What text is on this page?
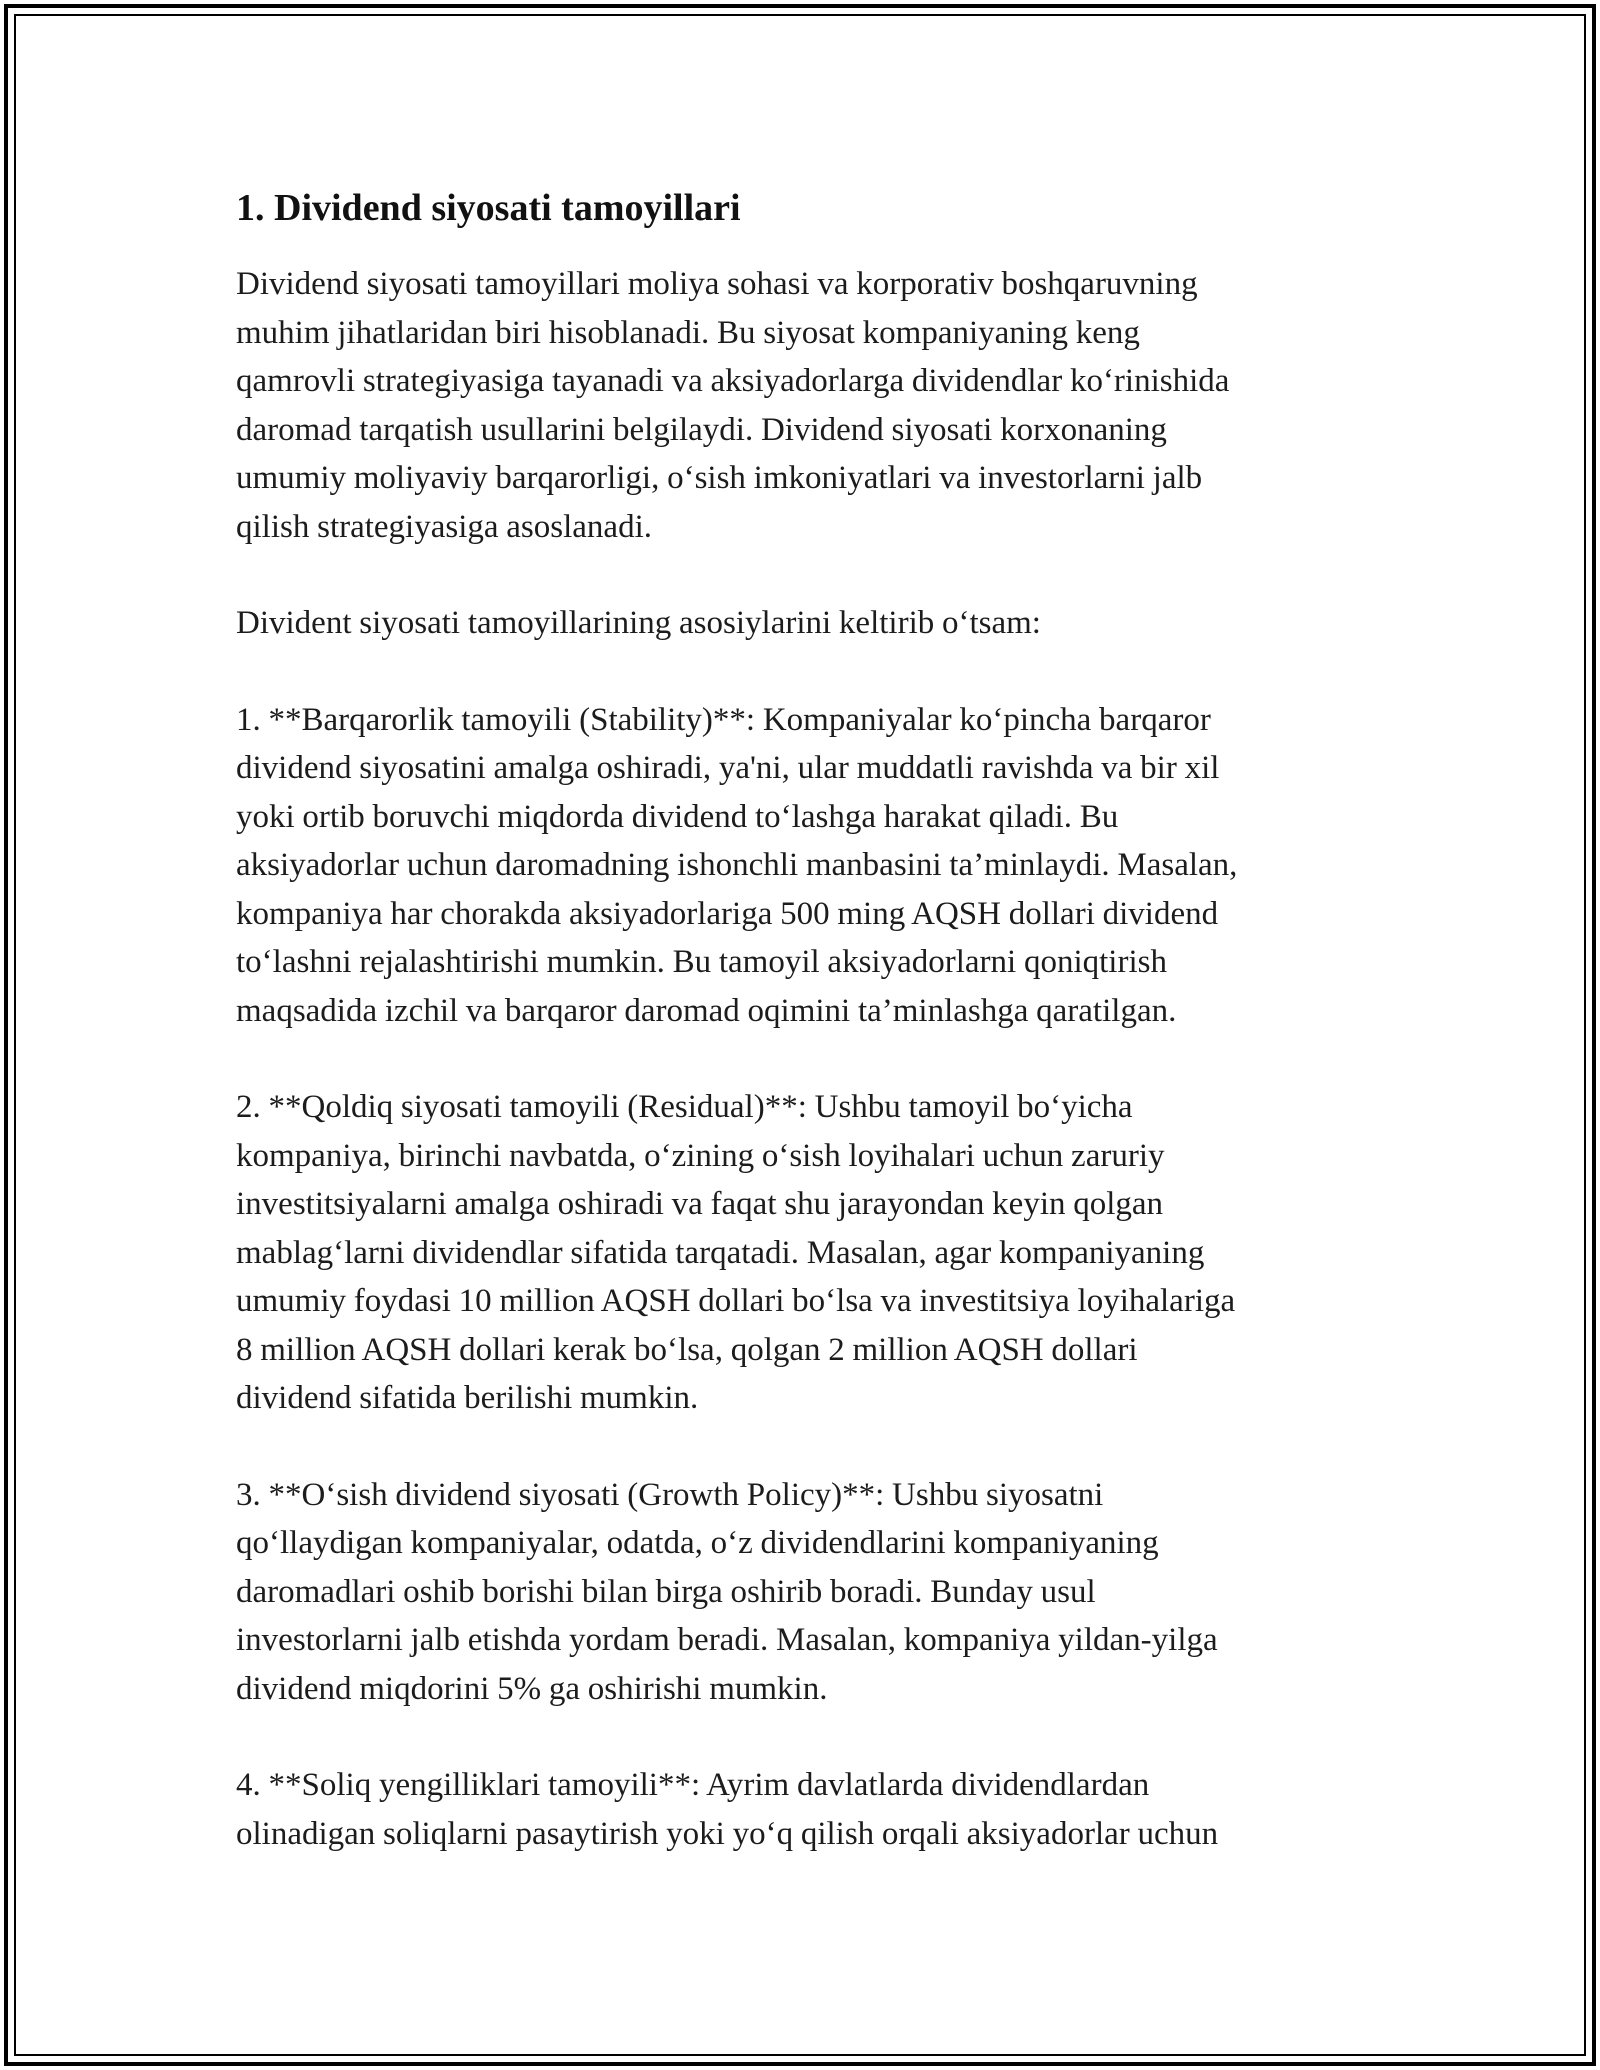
1. Dividend siyosati tamoyillari

Dividend siyosati tamoyillari moliya sohasi va korporativ boshqaruvning
muhim jihatlaridan biri hisoblanadi. Bu siyosat kompaniyaning keng
qamrovli strategiyasiga tayanadi va aksiyadorlarga dividendlar ko‘rinishida
daromad tarqatish usullarini belgilaydi. Dividend siyosati korxonaning
umumiy moliyaviy barqarorligi, o‘sish imkoniyatlari va investorlarni jalb
qilish strategiyasiga asoslanadi.

Divident siyosati tamoyillarining asosiylarini keltirib o‘tsam:

1. **Barqarorlik tamoyili (Stability)**: Kompaniyalar ko‘pincha barqaror
dividend siyosatini amalga oshiradi, ya'ni, ular muddatli ravishda va bir xil
yoki ortib boruvchi miqdorda dividend to‘lashga harakat qiladi. Bu
aksiyadorlar uchun daromadning ishonchli manbasini ta’minlaydi. Masalan,
kompaniya har chorakda aksiyadorlariga 500 ming AQSH dollari dividend
to‘lashni rejalashtirishi mumkin. Bu tamoyil aksiyadorlarni qoniqtirish
maqsadida izchil va barqaror daromad oqimini ta’minlashga qaratilgan.

2. **Qoldiq siyosati tamoyili (Residual)**: Ushbu tamoyil bo‘yicha
kompaniya, birinchi navbatda, o‘zining o‘sish loyihalari uchun zaruriy
investitsiyalarni amalga oshiradi va faqat shu jarayondan keyin qolgan
mablag‘larni dividendlar sifatida tarqatadi. Masalan, agar kompaniyaning
umumiy foydasi 10 million AQSH dollari bo‘lsa va investitsiya loyihalariga
8 million AQSH dollari kerak bo‘lsa, qolgan 2 million AQSH dollari
dividend sifatida berilishi mumkin.

3. **O‘sish dividend siyosati (Growth Policy)**: Ushbu siyosatni
qo‘llaydigan kompaniyalar, odatda, o‘z dividendlarini kompaniyaning
daromadlari oshib borishi bilan birga oshirib boradi. Bunday usul
investorlarni jalb etishda yordam beradi. Masalan, kompaniya yildan-yilga
dividend miqdorini 5% ga oshirishi mumkin.

4. **Soliq yengilliklari tamoyili**: Ayrim davlatlarda dividendlardan
olinadigan soliqlarni pasaytirish yoki yo‘q qilish orqali aksiyadorlar uchun
